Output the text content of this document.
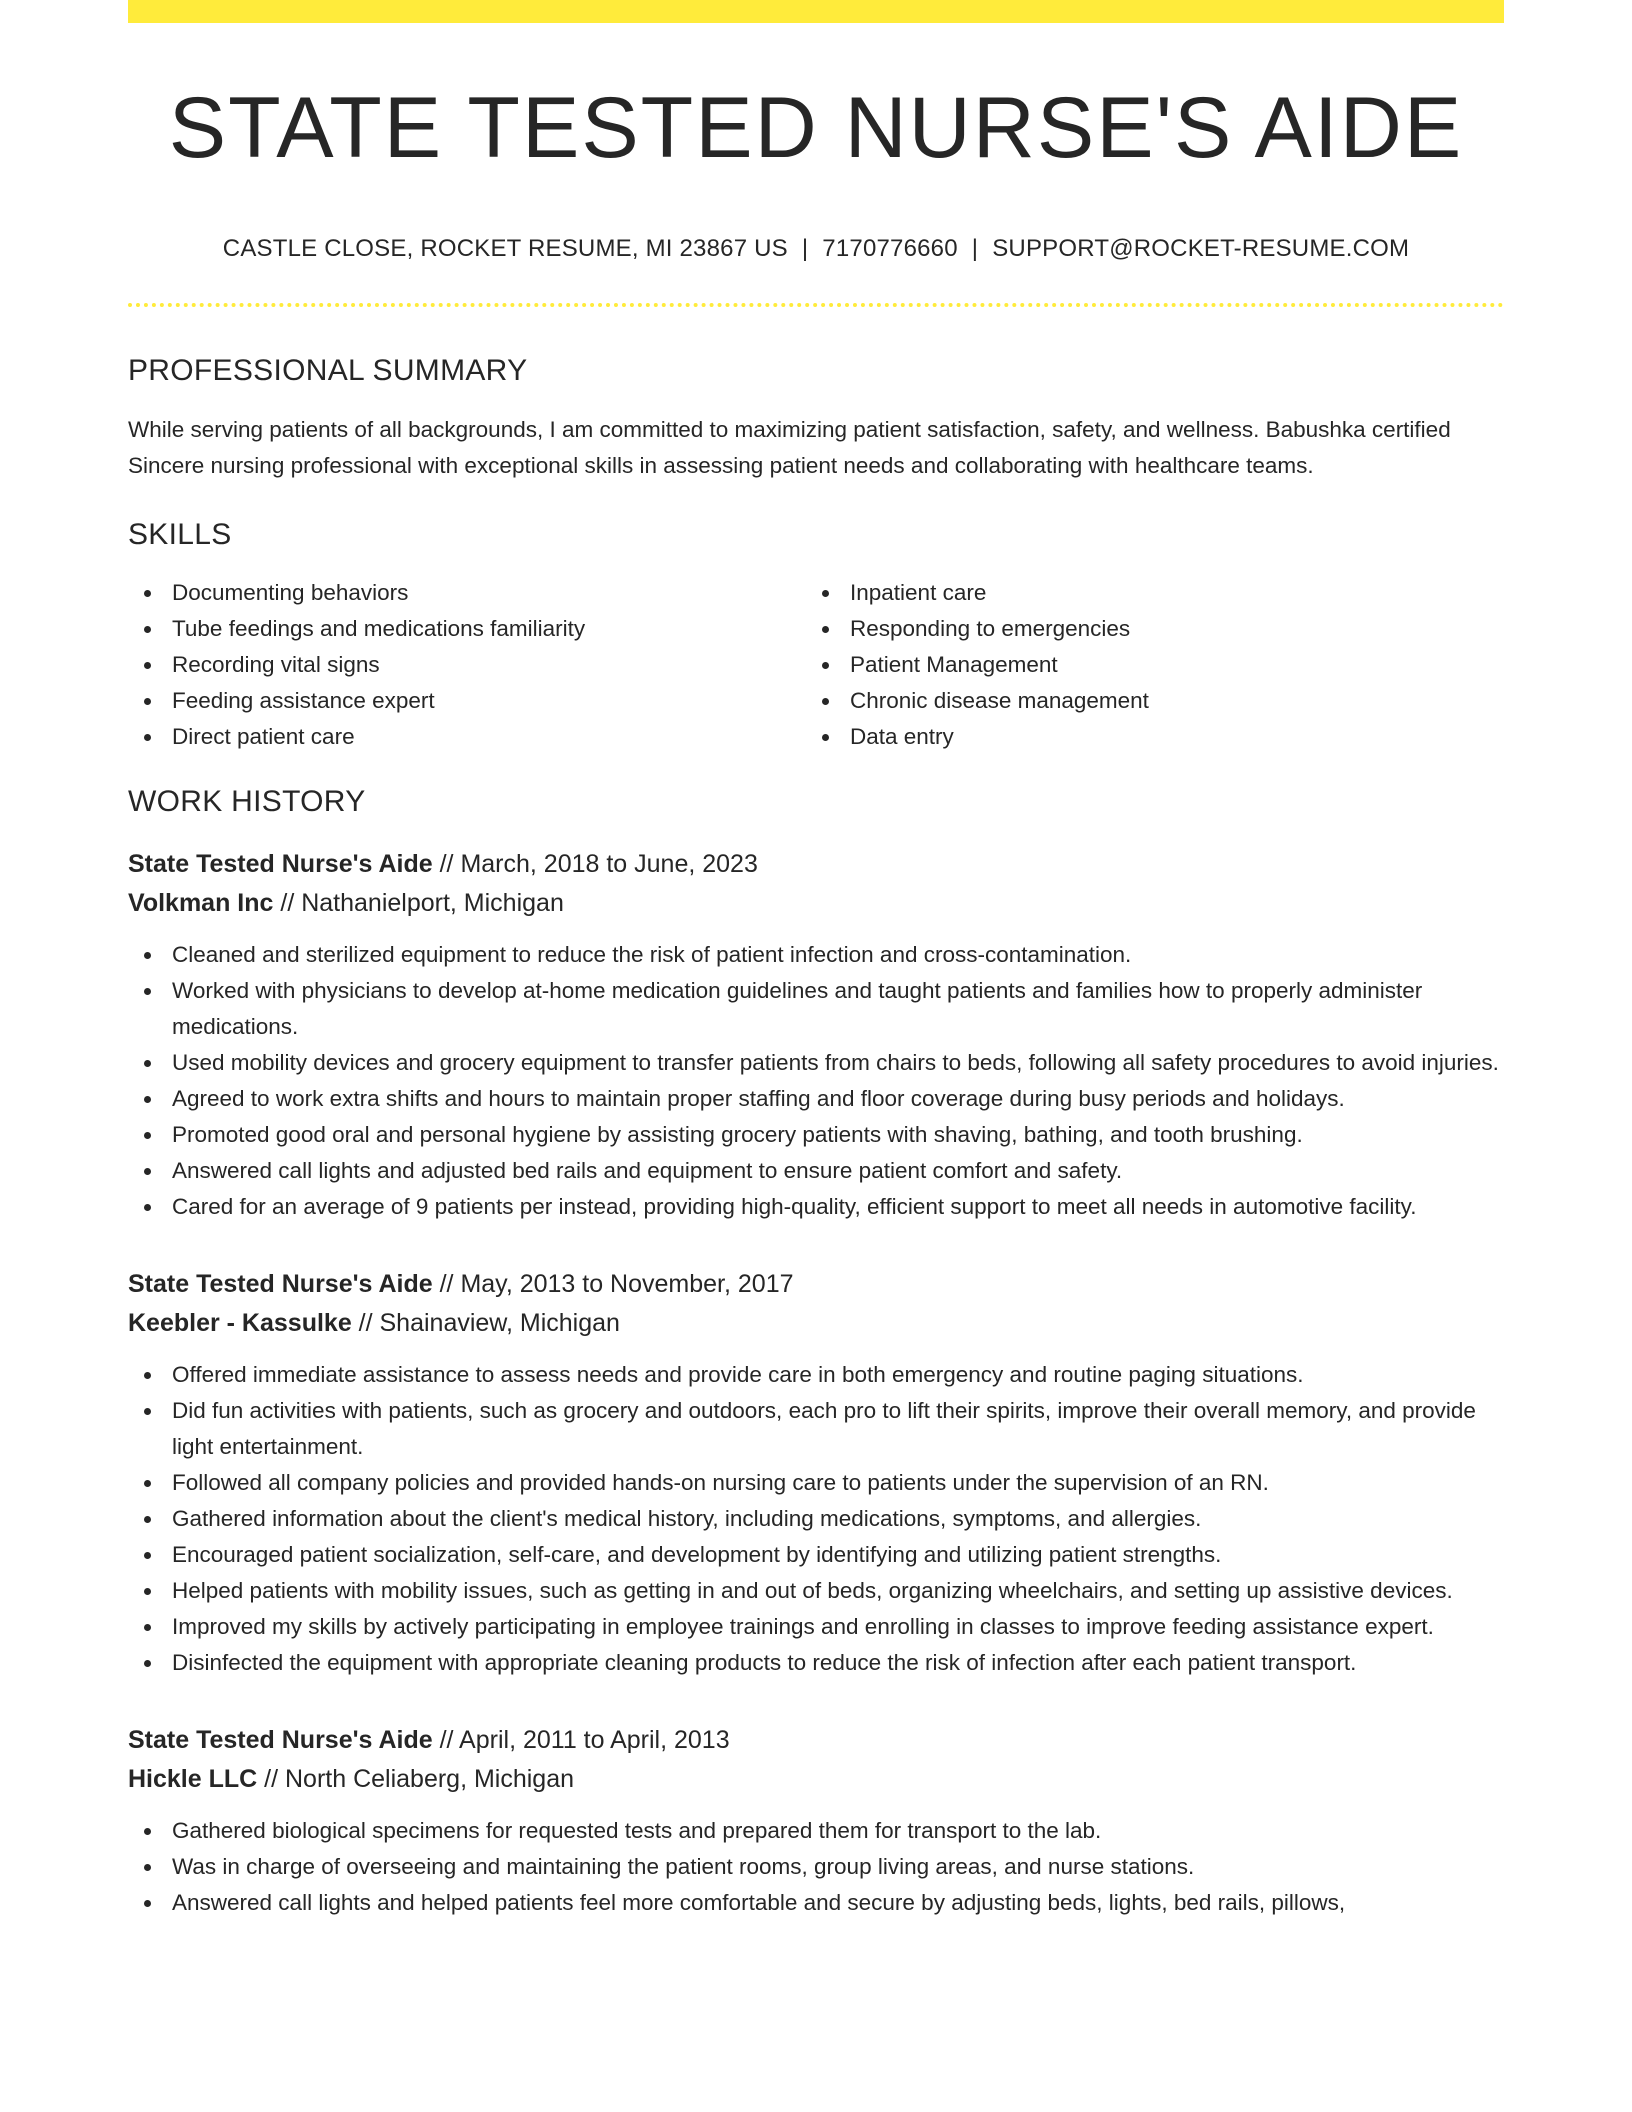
STATE TESTED NURSE'S AIDE
CASTLE CLOSE, ROCKET RESUME, MI 23867 US | 7170776660 | SUPPORT@ROCKET-RESUME.COM
PROFESSIONAL SUMMARY
While serving patients of all backgrounds, I am committed to maximizing patient satisfaction, safety, and wellness. Babushka certified Sincere nursing professional with exceptional skills in assessing patient needs and collaborating with healthcare teams.
SKILLS
Documenting behaviors
Tube feedings and medications familiarity
Recording vital signs
Feeding assistance expert
Direct patient care
Inpatient care
Responding to emergencies
Patient Management
Chronic disease management
Data entry
WORK HISTORY
State Tested Nurse's Aide // March, 2018 to June, 2023
Volkman Inc // Nathanielport, Michigan
Cleaned and sterilized equipment to reduce the risk of patient infection and cross-contamination.
Worked with physicians to develop at-home medication guidelines and taught patients and families how to properly administer medications.
Used mobility devices and grocery equipment to transfer patients from chairs to beds, following all safety procedures to avoid injuries.
Agreed to work extra shifts and hours to maintain proper staffing and floor coverage during busy periods and holidays.
Promoted good oral and personal hygiene by assisting grocery patients with shaving, bathing, and tooth brushing.
Answered call lights and adjusted bed rails and equipment to ensure patient comfort and safety.
Cared for an average of 9 patients per instead, providing high-quality, efficient support to meet all needs in automotive facility.
State Tested Nurse's Aide // May, 2013 to November, 2017
Keebler - Kassulke // Shainaview, Michigan
Offered immediate assistance to assess needs and provide care in both emergency and routine paging situations.
Did fun activities with patients, such as grocery and outdoors, each pro to lift their spirits, improve their overall memory, and provide light entertainment.
Followed all company policies and provided hands-on nursing care to patients under the supervision of an RN.
Gathered information about the client's medical history, including medications, symptoms, and allergies.
Encouraged patient socialization, self-care, and development by identifying and utilizing patient strengths.
Helped patients with mobility issues, such as getting in and out of beds, organizing wheelchairs, and setting up assistive devices.
Improved my skills by actively participating in employee trainings and enrolling in classes to improve feeding assistance expert.
Disinfected the equipment with appropriate cleaning products to reduce the risk of infection after each patient transport.
State Tested Nurse's Aide // April, 2011 to April, 2013
Hickle LLC // North Celiaberg, Michigan
Gathered biological specimens for requested tests and prepared them for transport to the lab.
Was in charge of overseeing and maintaining the patient rooms, group living areas, and nurse stations.
Answered call lights and helped patients feel more comfortable and secure by adjusting beds, lights, bed rails, pillows,
